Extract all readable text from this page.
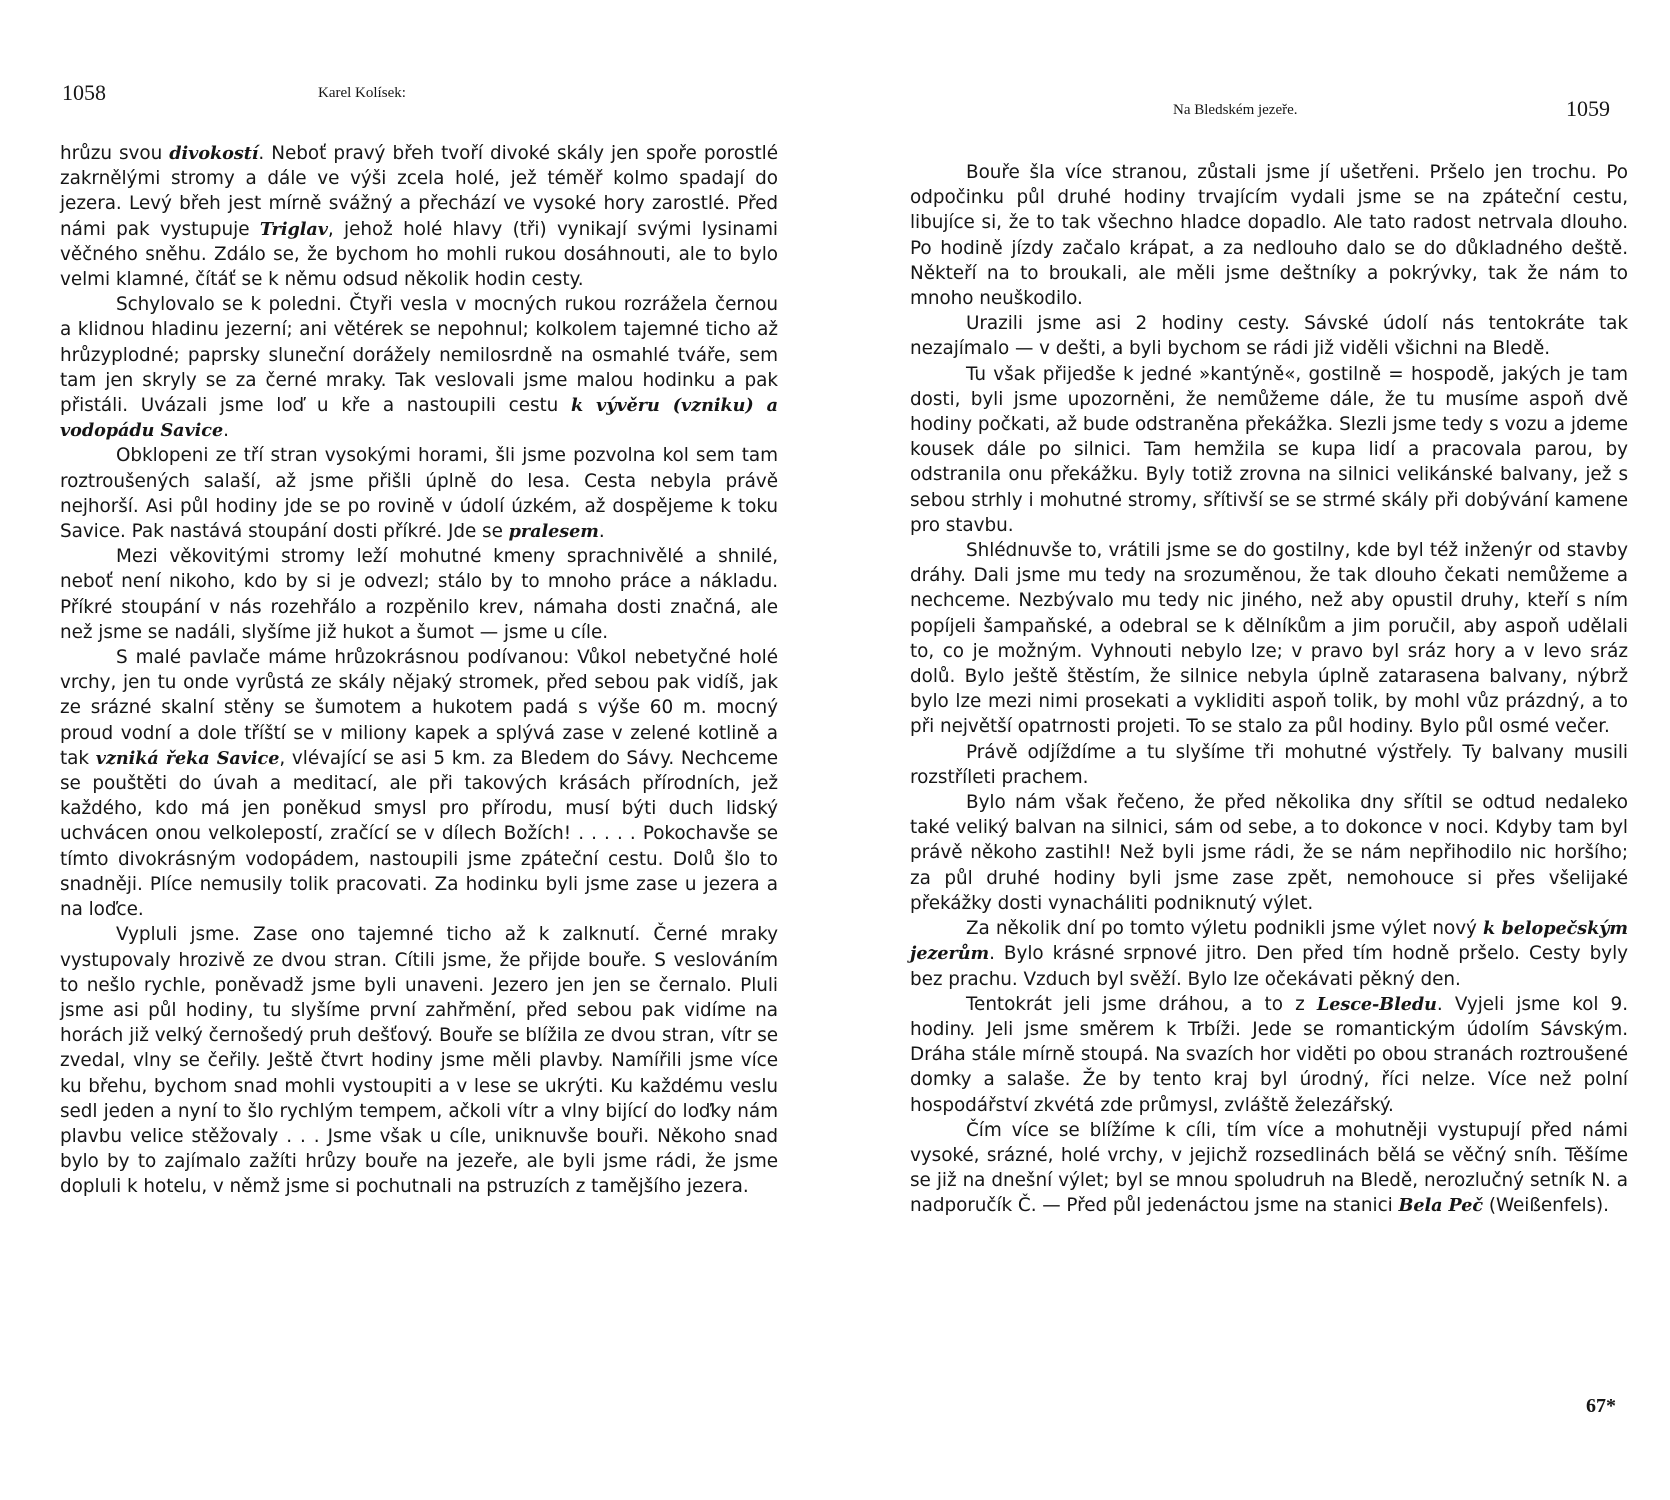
1058	Karel Kolísek:

hrůzu svou divokostí. Neboť pravý břeh tvoří divoké skály jen spoře porostlé zakrnělými stromy a dále ve výši zcela holé, jež téměř kolmo spadají do jezera. Levý břeh jest mírně svážný a přechází ve vysoké hory zarostlé. Před námi pak vystupuje Triglav, jehož holé hlavy (tři) vynikají svými lysinami věčného sněhu. Zdálo se, že bychom ho mohli rukou dosáhnouti, ale to bylo velmi klamné, čítáť se k němu odsud několik hodin cesty.

Schylovalo se k poledni. Čtyři vesla v mocných rukou rozrážela černou a klidnou hladinu jezerní; ani větérek se nepohnul; kolkolem tajemné ticho až hrůzyplodné; paprsky sluneční dorážely nemilosrdně na osmahlé tváře, sem tam jen skryly se za černé mraky. Tak veslovali jsme malou hodinku a pak přistáli. Uvázali jsme loď u kře a nastoupili cestu k vývěru (vzniku) a vodopádu Savice.

Obklopeni ze tří stran vysokými horami, šli jsme pozvolna kol sem tam roztroušených salaší, až jsme přišli úplně do lesa. Cesta nebyla právě nejhorší. Asi půl hodiny jde se po rovině v údolí úzkém, až dospějeme k toku Savice. Pak nastává stoupání dosti příkré. Jde se pralesem.

Mezi věkovitými stromy leží mohutné kmeny sprachnivělé a shnilé, neboť není nikoho, kdo by si je odvezl; stálo by to mnoho práce a nákladu. Příkré stoupání v nás rozehřálo a rozpěnilo krev, námaha dosti značná, ale než jsme se nadáli, slyšíme již hukot a šumot — jsme u cíle.

S malé pavlače máme hrůzokrásnou podívanou: Vůkol nebetyčné holé vrchy, jen tu onde vyrůstá ze skály nějaký stromek, před sebou pak vidíš, jak ze srázné skalní stěny se šumotem a hukotem padá s výše 60 m. mocný proud vodní a dole tříští se v miliony kapek a splývá zase v zelené kotlině a tak vzniká řeka Savice, vlévající se asi 5 km. za Bledem do Sávy. Nechceme se pouštěti do úvah a meditací, ale při takových krásách přírodních, jež každého, kdo má jen poněkud smysl pro přírodu, musí býti duch lidský uchvácen onou velkolepostí, zračící se v dílech Božích! . . . . . Pokochavše se tímto divokrásným vodopádem, nastoupili jsme zpáteční cestu. Dolů šlo to snadněji. Plíce nemusily tolik pracovati. Za hodinku byli jsme zase u jezera a na loďce.

Vypluli jsme. Zase ono tajemné ticho až k zalknutí. Černé mraky vystupovaly hrozivě ze dvou stran. Cítili jsme, že přijde bouře. S veslováním to nešlo rychle, poněvadž jsme byli unaveni. Jezero jen jen se černalo. Pluli jsme asi půl hodiny, tu slyšíme první zahřmění, před sebou pak vidíme na horách již velký černošedý pruh dešťový. Bouře se blížila ze dvou stran, vítr se zvedal, vlny se čeřily. Ještě čtvrt hodiny jsme měli plavby. Namířili jsme více ku břehu, bychom snad mohli vystoupiti a v lese se ukrýti. Ku každému veslu sedl jeden a nyní to šlo rychlým tempem, ačkoli vítr a vlny bijící do loďky nám plavbu velice stěžovaly . . . Jsme však u cíle, uniknuvše bouři. Někoho snad bylo by to zajímalo zažíti hrůzy bouře na jezeře, ale byli jsme rádi, že jsme dopluli k hotelu, v němž jsme si pochutnali na pstruzích z tamějšího jezera.

Na Bledském jezeře.	1059

Bouře šla více stranou, zůstali jsme jí ušetřeni. Pršelo jen trochu. Po odpočinku půl druhé hodiny trvajícím vydali jsme se na zpáteční cestu, libujíce si, že to tak všechno hladce dopadlo. Ale tato radost netrvala dlouho. Po hodině jízdy začalo krápat, a za nedlouho dalo se do důkladného deště. Někteří na to broukali, ale měli jsme deštníky a pokrývky, tak že nám to mnoho neuškodilo.

Urazili jsme asi 2 hodiny cesty. Sávské údolí nás tentokráte tak nezajímalo — v dešti, a byli bychom se rádi již viděli všichni na Bledě.

Tu však přijedše k jedné »kantýně«, gostilně = hospodě, jakých je tam dosti, byli jsme upozorněni, že nemůžeme dále, že tu musíme aspoň dvě hodiny počkati, až bude odstraněna překážka. Slezli jsme tedy s vozu a jdeme kousek dále po silnici. Tam hemžila se kupa lidí a pracovala parou, by odstranila onu překážku. Byly totiž zrovna na silnici velikánské balvany, jež s sebou strhly i mohutné stromy, sřítivší se se strmé skály při dobývání kamene pro stavbu.

Shlédnuvše to, vrátili jsme se do gostilny, kde byl též inženýr od stavby dráhy. Dali jsme mu tedy na srozuměnou, že tak dlouho čekati nemůžeme a nechceme. Nezbývalo mu tedy nic jiného, než aby opustil druhy, kteří s ním popíjeli šampaňské, a odebral se k dělníkům a jim poručil, aby aspoň udělali to, co je možným. Vyhnouti nebylo lze; v pravo byl sráz hory a v levo sráz dolů. Bylo ještě štěstím, že silnice nebyla úplně zatarasena balvany, nýbrž bylo lze mezi nimi prosekati a vykliditi aspoň tolik, by mohl vůz prázdný, a to při největší opatrnosti projeti. To se stalo za půl hodiny. Bylo půl osmé večer.

Právě odjíždíme a tu slyšíme tři mohutné výstřely. Ty balvany musili rozstříleti prachem.

Bylo nám však řečeno, že před několika dny sřítil se odtud nedaleko také veliký balvan na silnici, sám od sebe, a to dokonce v noci. Kdyby tam byl právě někoho zastihl! Než byli jsme rádi, že se nám nepřihodilo nic horšího; za půl druhé hodiny byli jsme zase zpět, nemohouce si přes všelijaké překážky dosti vynacháliti podniknutý výlet.

Za několik dní po tomto výletu podnikli jsme výlet nový k belopečským jezerům. Bylo krásné srpnové jitro. Den před tím hodně pršelo. Cesty byly bez prachu. Vzduch byl svěží. Bylo lze očekávati pěkný den.

Tentokrát jeli jsme dráhou, a to z Lesce-Bledu. Vyjeli jsme kol 9. hodiny. Jeli jsme směrem k Trbíži. Jede se romantickým údolím Sávským. Dráha stále mírně stoupá. Na svazích hor viděti po obou stranách roztroušené domky a salaše. Že by tento kraj byl úrodný, říci nelze. Více než polní hospodářství zkvétá zde průmysl, zvláště železářský.

Čím více se blížíme k cíli, tím více a mohutněji vystupují před námi vysoké, srázné, holé vrchy, v jejichž rozsedlinách bělá se věčný sníh. Těšíme se již na dnešní výlet; byl se mnou spoludruh na Bledě, nerozlučný setník N. a nadporučík Č. — Před půl jedenáctou jsme na stanici Bela Peč (Weißenfels).

67*
